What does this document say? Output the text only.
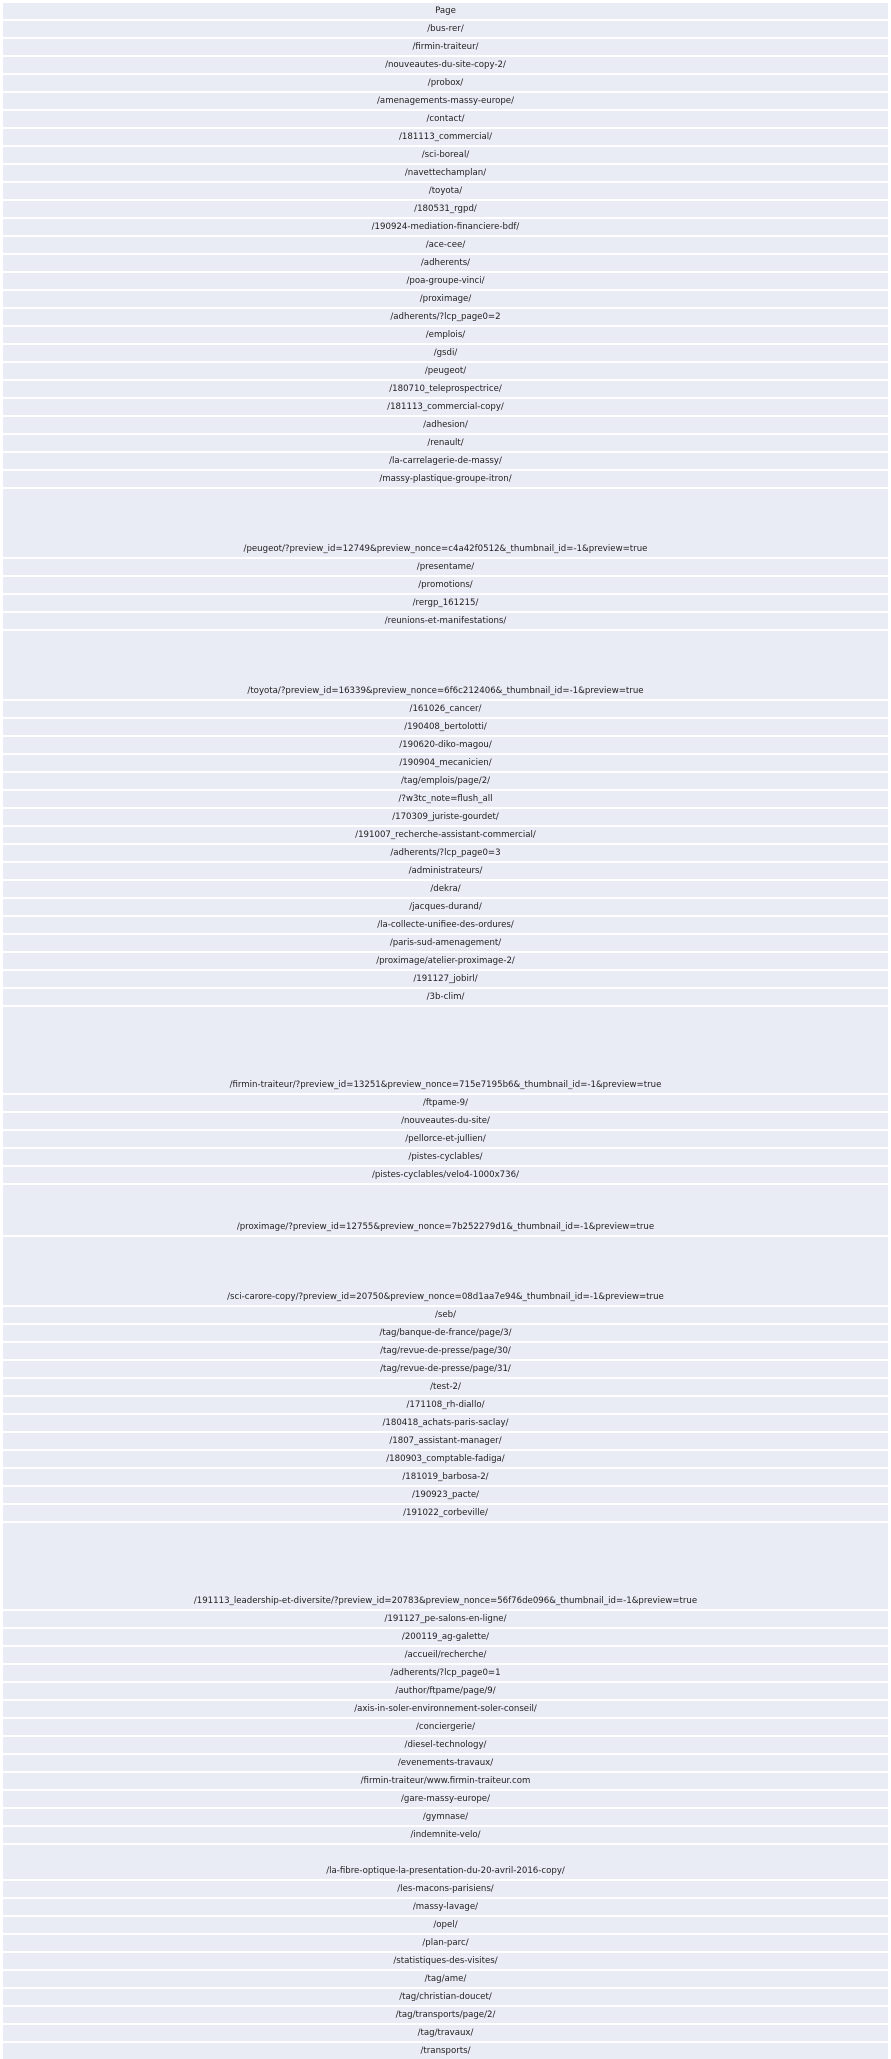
Page
/bus-rer/
/firmin-traiteur/
/nouveautes-du-site-copy-2/
/probox/
/amenagements-massy-europe/
/contact/
/181113_commercial/
/sci-boreal/
/navettechamplan/
/toyota/
/180531_rgpd/
/190924-mediation-financiere-bdf/
/ace-cee/
/adherents/
/poa-groupe-vinci/
/proximage/
/adherents/?lcp_page0=2
/emplois/
/gsdi/
/peugeot/
/180710_teleprospectrice/
/181113_commercial-copy/
/adhesion/
/renault/
/la-carrelagerie-de-massy/
/massy-plastique-groupe-itron/
/peugeot/?preview_id=12749&preview_nonce=c4a42f0512&_thumbnail_id=-1&preview=true
/presentame/
/promotions/
/rergp_161215/
/reunions-et-manifestations/
/toyota/?preview_id=16339&preview_nonce=6f6c212406&_thumbnail_id=-1&preview=true
/161026_cancer/
/190408_bertolotti/
/190620-diko-magou/
/190904_mecanicien/
/tag/emplois/page/2/
/?w3tc_note=flush_all
/170309_juriste-gourdet/
/191007_recherche-assistant-commercial/
/adherents/?lcp_page0=3
/administrateurs/
/dekra/
/jacques-durand/
/la-collecte-unifiee-des-ordures/
/paris-sud-amenagement/
/proximage/atelier-proximage-2/
/191127_jobirl/
/3b-clim/
/firmin-traiteur/?preview_id=13251&preview_nonce=715e7195b6&_thumbnail_id=-1&preview=true
/ftpame-9/
/nouveautes-du-site/
/pellorce-et-jullien/
/pistes-cyclables/
/pistes-cyclables/velo4-1000x736/
/proximage/?preview_id=12755&preview_nonce=7b252279d1&_thumbnail_id=-1&preview=true
/sci-carore-copy/?preview_id=20750&preview_nonce=08d1aa7e94&_thumbnail_id=-1&preview=true
/seb/
/tag/banque-de-france/page/3/
/tag/revue-de-presse/page/30/
/tag/revue-de-presse/page/31/
/test-2/
/171108_rh-diallo/
/180418_achats-paris-saclay/
/1807_assistant-manager/
/180903_comptable-fadiga/
/181019_barbosa-2/
/190923_pacte/
/191022_corbeville/
/191113_leadership-et-diversite/?preview_id=20783&preview_nonce=56f76de096&_thumbnail_id=-1&preview=true
/191127_pe-salons-en-ligne/
/200119_ag-galette/
/accueil/recherche/
/adherents/?lcp_page0=1
/author/ftpame/page/9/
/axis-in-soler-environnement-soler-conseil/
/conciergerie/
/diesel-technology/
/evenements-travaux/
/firmin-traiteur/www.firmin-traiteur.com
/gare-massy-europe/
/gymnase/
/indemnite-velo/
/la-fibre-optique-la-presentation-du-20-avril-2016-copy/
/les-macons-parisiens/
/massy-lavage/
/opel/
/plan-parc/
/statistiques-des-visites/
/tag/ame/
/tag/christian-doucet/
/tag/transports/page/2/
/tag/travaux/
/transports/
